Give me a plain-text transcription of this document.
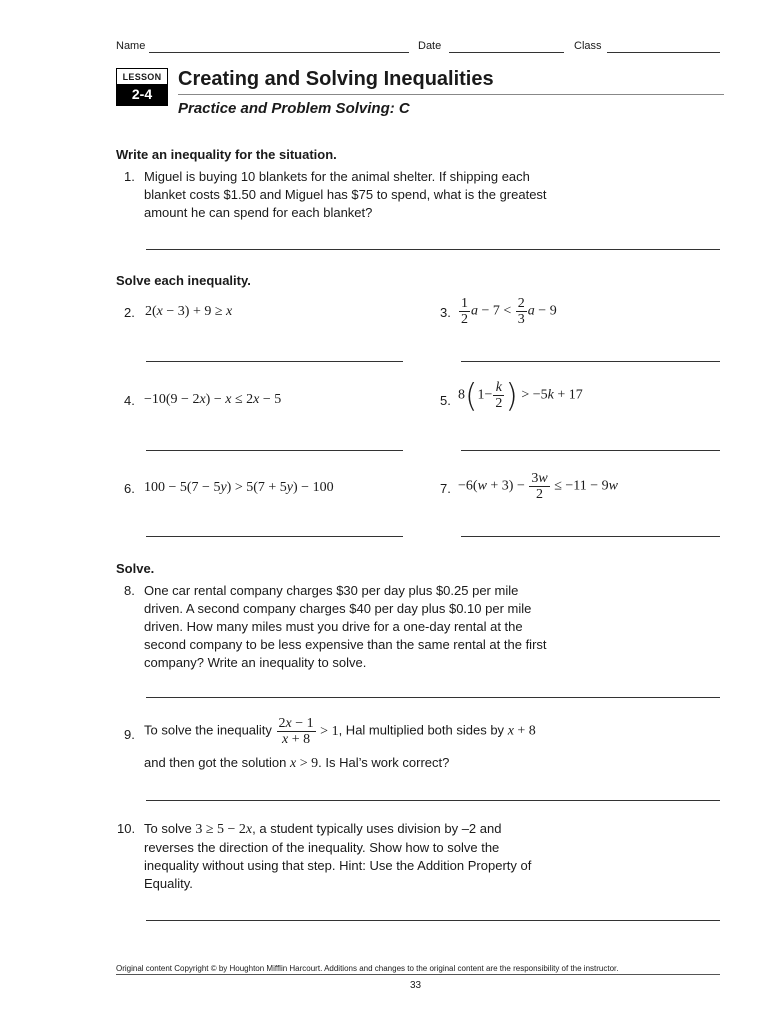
Name	Date	Class
LESSON
2-4
Creating and Solving Inequalities
Practice and Problem Solving: C
Write an inequality for the situation.
1. Miguel is buying 10 blankets for the animal shelter. If shipping each
blanket costs $1.50 and Miguel has $75 to spend, what is the greatest
amount he can spend for each blanket?
Solve each inequality.
2. 2(x − 3) + 9 ≥ x	3. $\frac{1}{2}$ $a - 7 < \frac{2}{3}$ a − 9
4. −10(9 − 2x) − x ≤ 2x − 5	5. $8(1- \frac{k}{2}$ ) > −5k + 17
6. 100 − 5(7 − 5y) > 5(7 + 5y) − 100	7. $-6(w + 3) - \frac{3w}{2} \le -11 - 9w$
Solve.
8. One car rental company charges $30 per day plus $0.25 per mile
driven. A second company charges $40 per day plus $0.10 per mile
driven. How many miles must you drive for a one-day rental at the
second company to be less expensive than the same rental at the first
company? Write an inequality to solve.
9. To solve the inequality $\frac{2x - 1}{x + 8} > 1$, Hal multiplied both sides by x + 8
and then got the solution x > 9. Is Hal’s work correct?
10. To solve 3 ≥ 5 − 2x, a student typically uses division by –2 and
reverses the direction of the inequality. Show how to solve the
inequality without using that step. Hint: Use the Addition Property of
Equality.
Original content Copyright © by Houghton Mifflin Harcourt. Additions and changes to the original content are the responsibility of the instructor.
33
